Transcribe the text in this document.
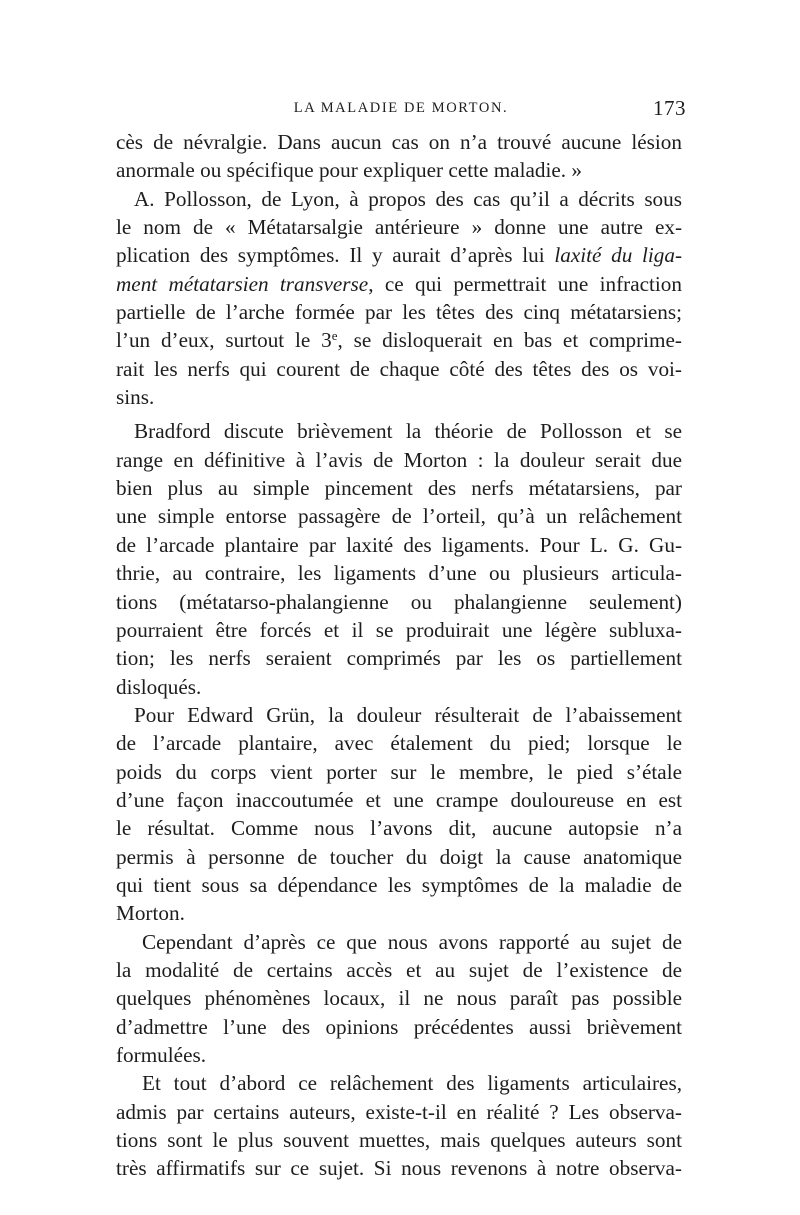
LA MALADIE DE MORTON.	173
cès de névralgie. Dans aucun cas on n’a trouvé aucune lésion
anormale ou spécifique pour expliquer cette maladie. »
A. Pollosson, de Lyon, à propos des cas qu’il a décrits sous
le nom de « Métatarsalgie antérieure » donne une autre ex-
plication des symptômes. Il y aurait d’après lui laxité du liga-
ment métatarsien transverse, ce qui permettrait une infraction
partielle de l’arche formée par les têtes des cinq métatarsiens;
l’un d’eux, surtout le 3e, se disloquerait en bas et comprime-
rait les nerfs qui courent de chaque côté des têtes des os voi-
sins.
Bradford discute brièvement la théorie de Pollosson et se
range en définitive à l’avis de Morton : la douleur serait due
bien plus au simple pincement des nerfs métatarsiens, par
une simple entorse passagère de l’orteil, qu’à un relâchement
de l’arcade plantaire par laxité des ligaments. Pour L. G. Gu-
thrie, au contraire, les ligaments d’une ou plusieurs articula-
tions (métatarso-phalangienne ou phalangienne seulement)
pourraient être forcés et il se produirait une légère subluxa-
tion; les nerfs seraient comprimés par les os partiellement
disloqués.
Pour Edward Grün, la douleur résulterait de l’abaissement
de l’arcade plantaire, avec étalement du pied; lorsque le
poids du corps vient porter sur le membre, le pied s’étale
d’une façon inaccoutumée et une crampe douloureuse en est
le résultat. Comme nous l’avons dit, aucune autopsie n’a
permis à personne de toucher du doigt la cause anatomique
qui tient sous sa dépendance les symptômes de la maladie de
Morton.
Cependant d’après ce que nous avons rapporté au sujet de
la modalité de certains accès et au sujet de l’existence de
quelques phénomènes locaux, il ne nous paraît pas possible
d’admettre l’une des opinions précédentes aussi brièvement
formulées.
Et tout d’abord ce relâchement des ligaments articulaires,
admis par certains auteurs, existe-t-il en réalité ? Les observa-
tions sont le plus souvent muettes, mais quelques auteurs sont
très affirmatifs sur ce sujet. Si nous revenons à notre observa-
